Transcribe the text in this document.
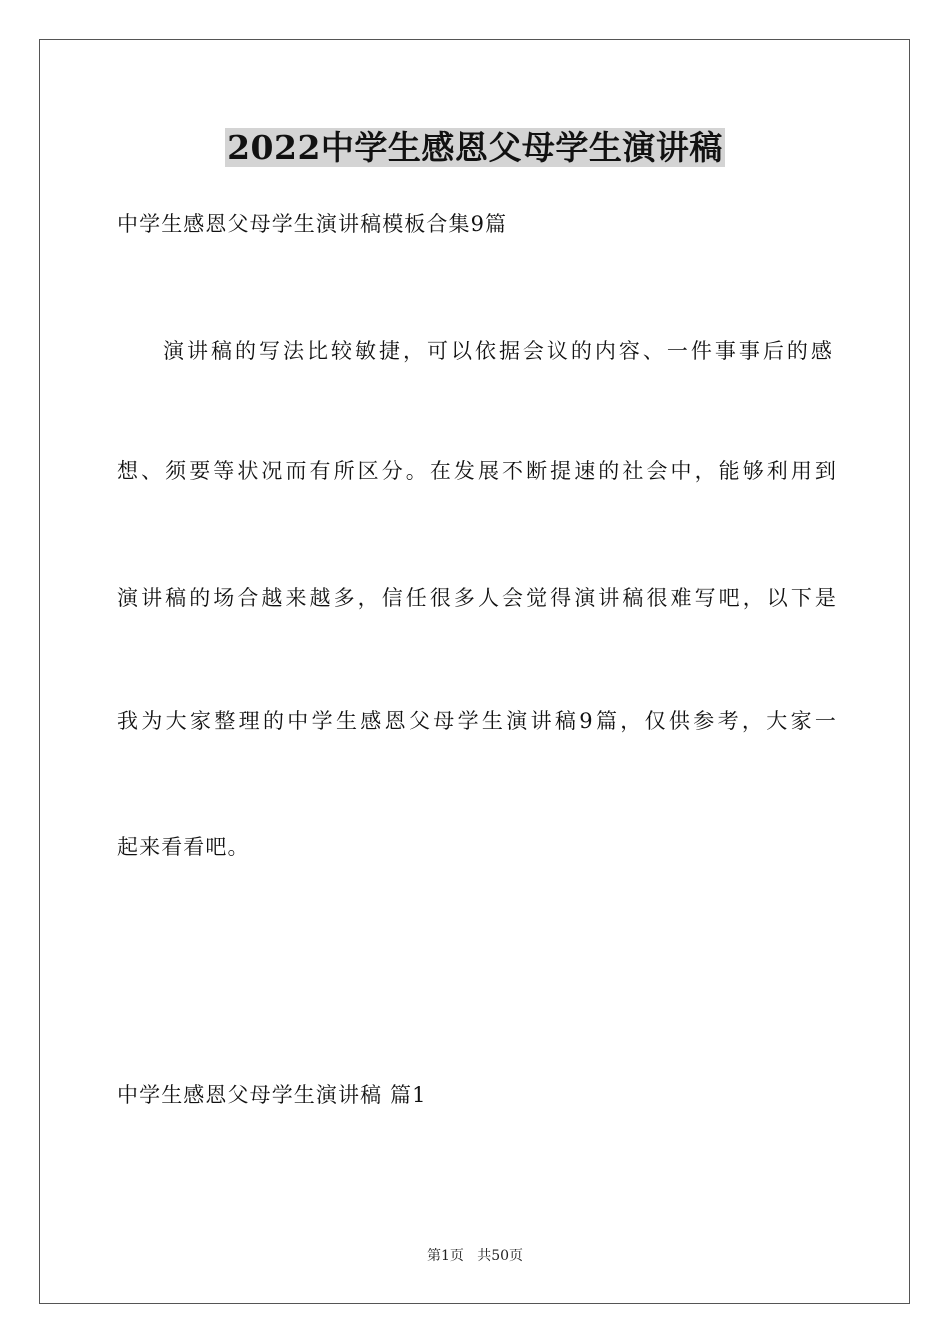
2022中学生感恩父母学生演讲稿
中学生感恩父母学生演讲稿模板合集9篇
演讲稿的写法比较敏捷，可以依据会议的内容、一件事事后的感
想、须要等状况而有所区分。在发展不断提速的社会中，能够利用到
演讲稿的场合越来越多，信任很多人会觉得演讲稿很难写吧，以下是
我为大家整理的中学生感恩父母学生演讲稿9篇，仅供参考，大家一
起来看看吧。
中学生感恩父母学生演讲稿 篇1
第1页   共50页
